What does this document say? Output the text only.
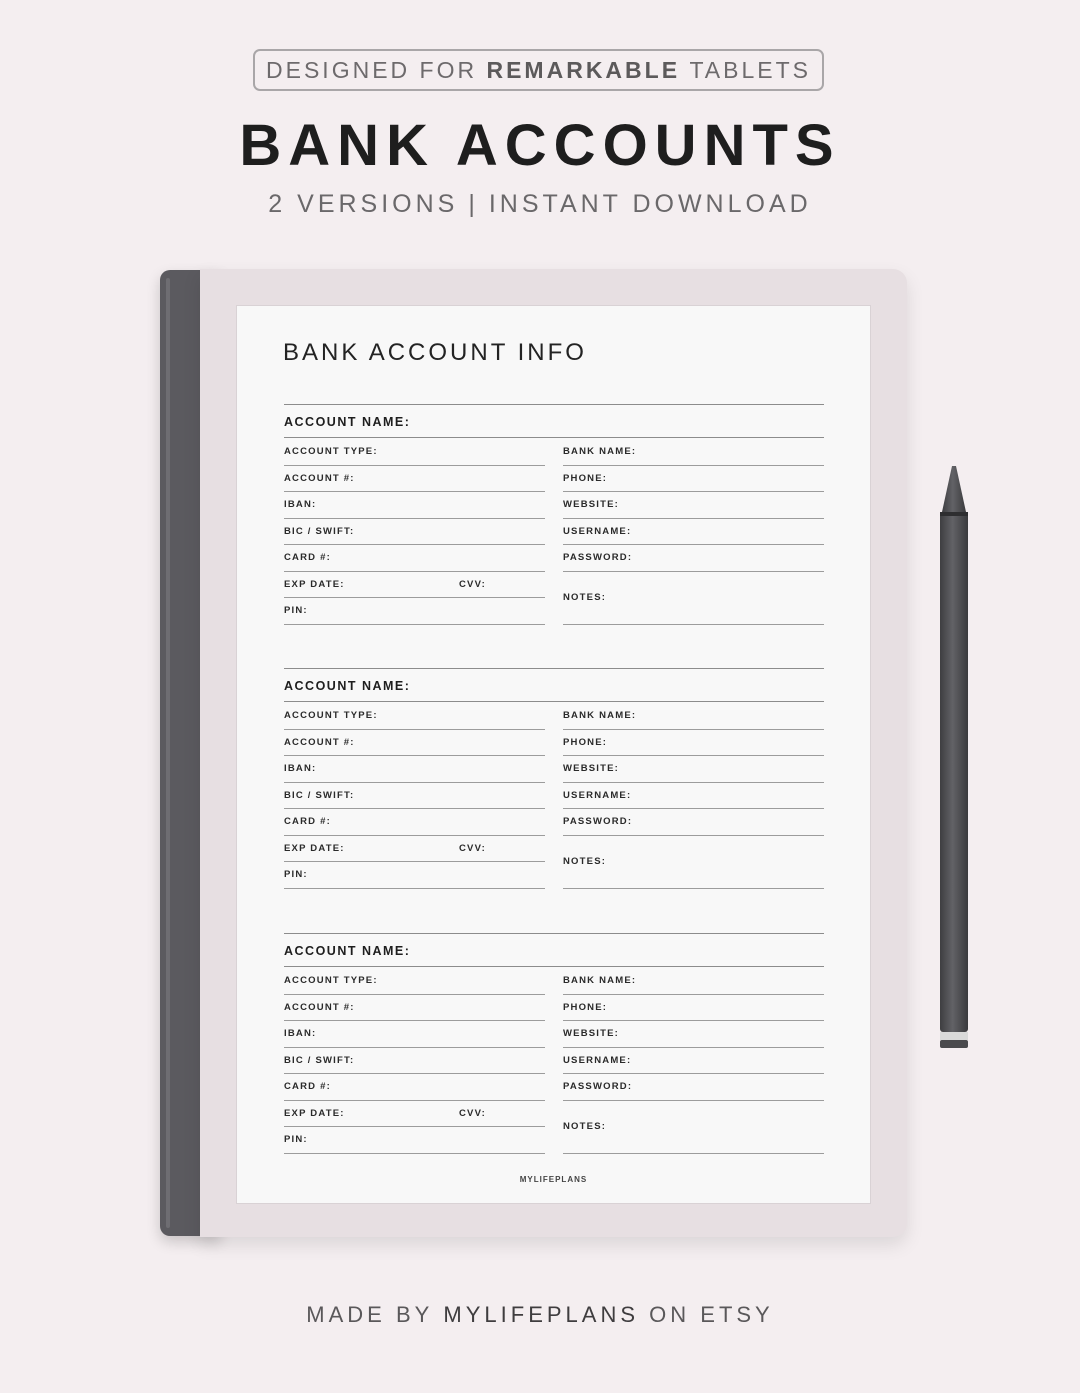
DESIGNED FOR
REMARKABLE
TABLETS
BANK ACCOUNTS
2 VERSIONS | INSTANT DOWNLOAD
BANK ACCOUNT INFO
ACCOUNT NAME:
ACCOUNT TYPE:
ACCOUNT #:
IBAN:
BIC / SWIFT:
CARD #:
EXP DATE:	CVV:
PIN:
BANK NAME:
PHONE:
WEBSITE:
USERNAME:
PASSWORD:
NOTES:
ACCOUNT NAME:
ACCOUNT TYPE:
ACCOUNT #:
IBAN:
BIC / SWIFT:
CARD #:
EXP DATE:	CVV:
PIN:
BANK NAME:
PHONE:
WEBSITE:
USERNAME:
PASSWORD:
NOTES:
ACCOUNT NAME:
ACCOUNT TYPE:
ACCOUNT #:
IBAN:
BIC / SWIFT:
CARD #:
EXP DATE:	CVV:
PIN:
BANK NAME:
PHONE:
WEBSITE:
USERNAME:
PASSWORD:
NOTES:
MYLIFEPLANS
MADE BY MYLIFEPLANS ON ETSY
